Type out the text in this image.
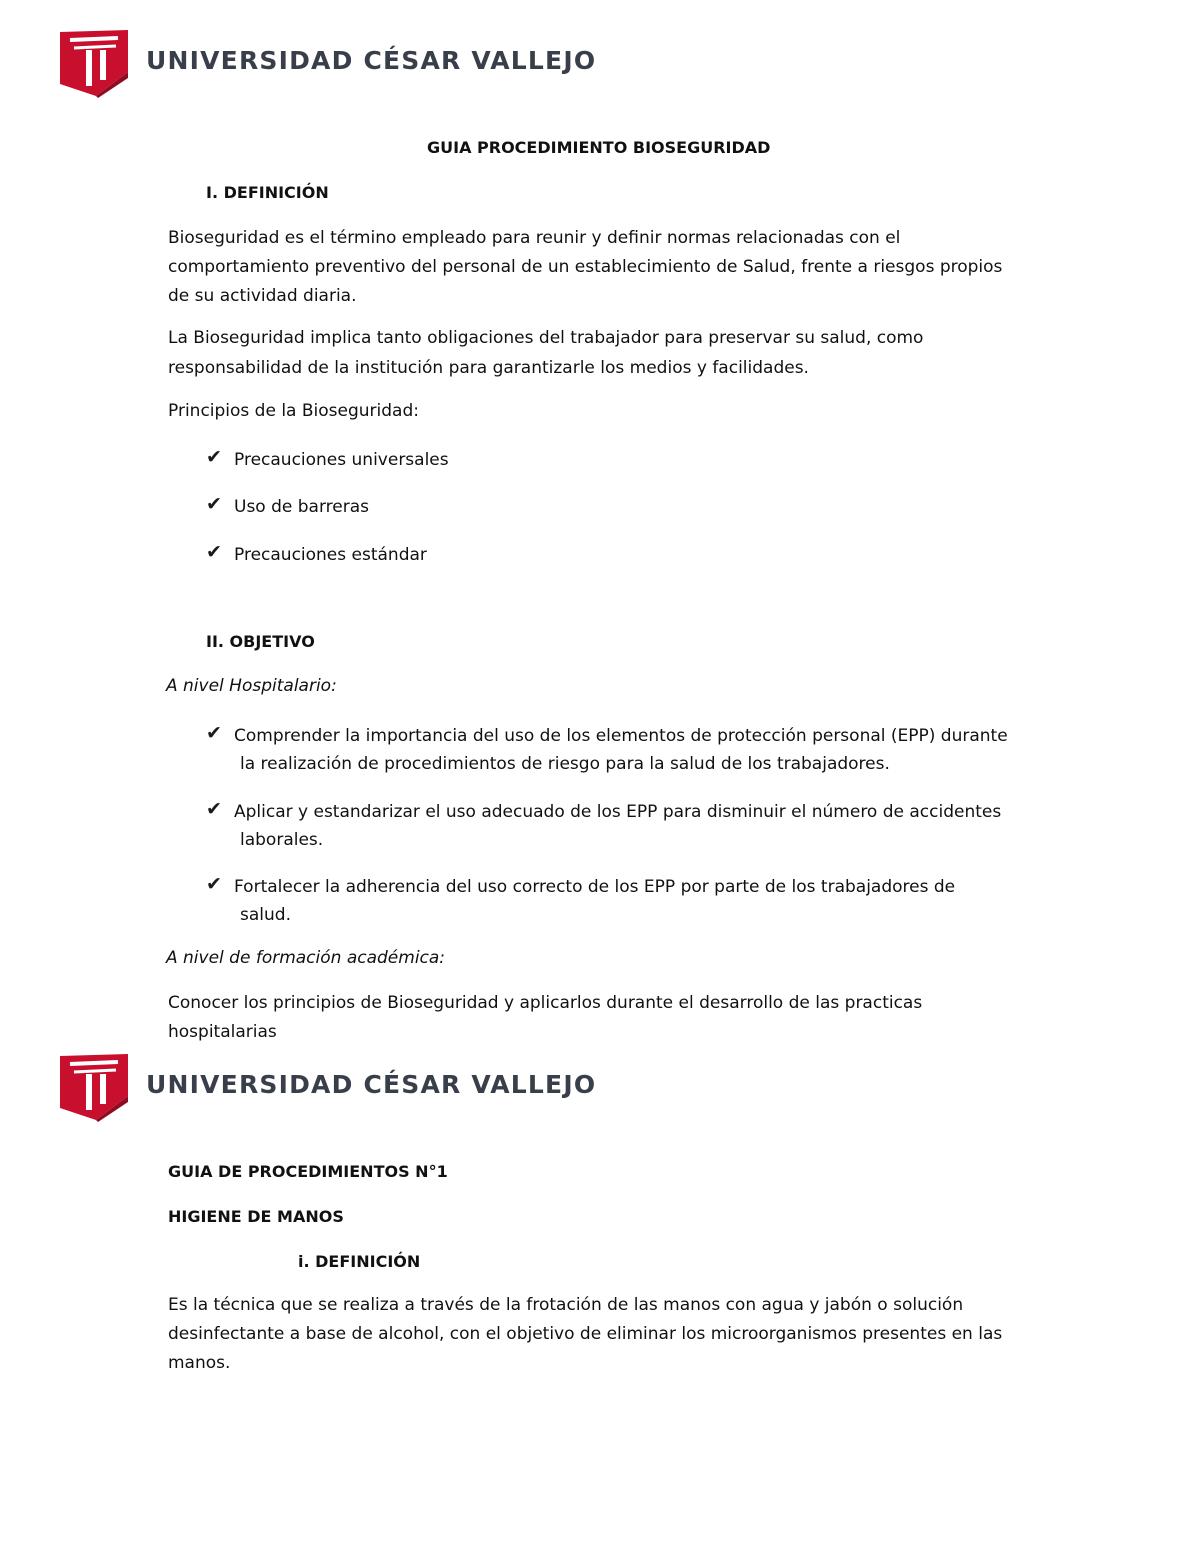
UNIVERSIDAD CÉSAR VALLEJO
GUIA PROCEDIMIENTO BIOSEGURIDAD
I. DEFINICIÓN
Bioseguridad es el término empleado para reunir y definir normas relacionadas con el
comportamiento preventivo del personal de un establecimiento de Salud, frente a riesgos propios
de su actividad diaria.
La Bioseguridad implica tanto obligaciones del trabajador para preservar su salud, como
responsabilidad de la institución para garantizarle los medios y facilidades.
Principios de la Bioseguridad:
✔ Precauciones universales
✔ Uso de barreras
✔ Precauciones estándar
II. OBJETIVO
A nivel Hospitalario:
✔ Comprender la importancia del uso de los elementos de protección personal (EPP) durante
la realización de procedimientos de riesgo para la salud de los trabajadores.
✔ Aplicar y estandarizar el uso adecuado de los EPP para disminuir el número de accidentes
laborales.
✔ Fortalecer la adherencia del uso correcto de los EPP por parte de los trabajadores de
salud.
A nivel de formación académica:
Conocer los principios de Bioseguridad y aplicarlos durante el desarrollo de las practicas
hospitalarias
UNIVERSIDAD CÉSAR VALLEJO
GUIA DE PROCEDIMIENTOS N°1
HIGIENE DE MANOS
i. DEFINICIÓN
Es la técnica que se realiza a través de la frotación de las manos con agua y jabón o solución
desinfectante a base de alcohol, con el objetivo de eliminar los microorganismos presentes en las
manos.
